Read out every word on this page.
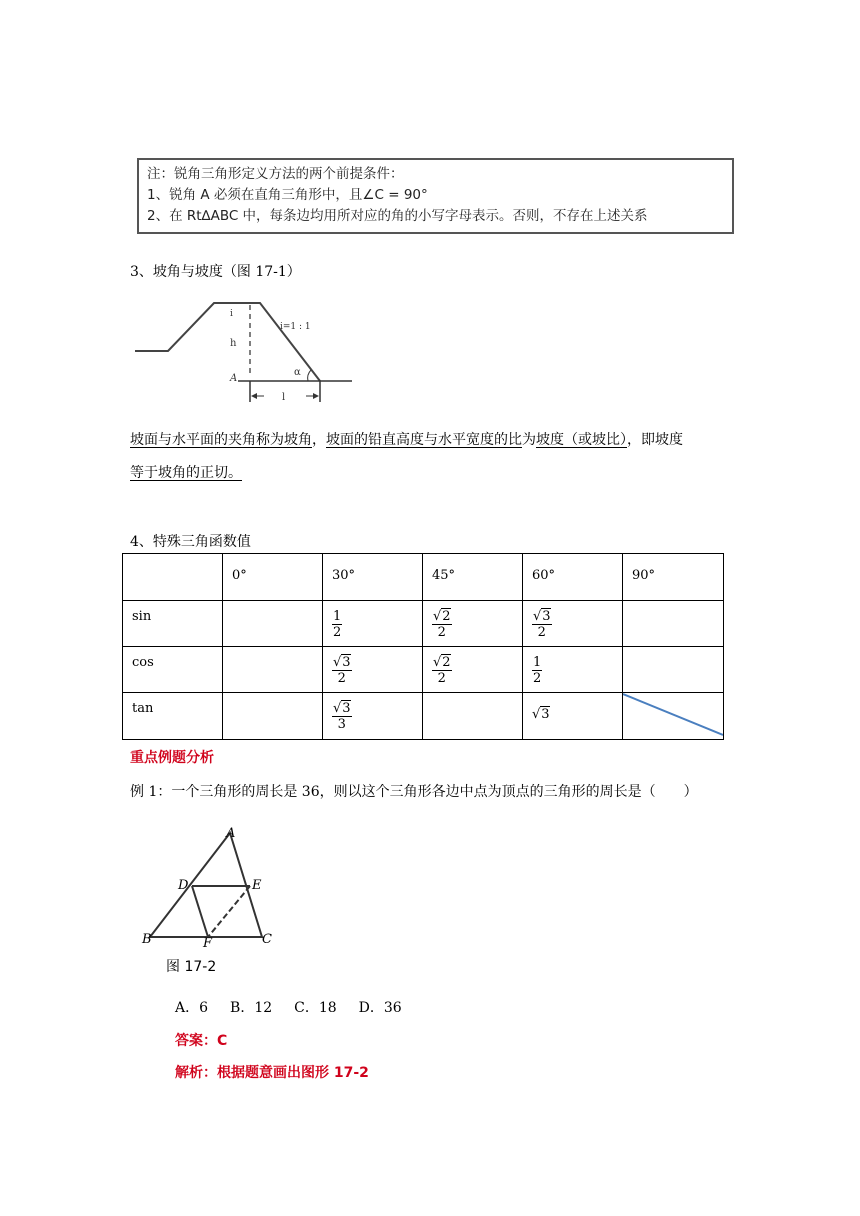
注：锐角三角形定义方法的两个前提条件：
1、锐角 A 必须在直角三角形中，且∠C = 90°
2、在 Rt∆ABC 中，每条边均用所对应的角的小写字母表示。否则，不存在上述关系
3、坡角与坡度（图 17-1）
i
i=1 : 1
h
α
A
l
坡面与水平面的夹角称为坡角，坡面的铅直高度与水平宽度的比为坡度（或坡比），即坡度
等于坡角的正切。
4、特殊三角函数值
	0°	30°	45°	60°	90°
sin		$\frac{1}{2}$	$\frac{√2}{2}$	$\frac{√3}{2}$

cos		$\frac{√3}{2}$	$\frac{√2}{2}$	$\frac{1}{2}$

tan		$\frac{√3}{3}$		√3	
重点例题分析
例 1：一个三角形的周长是 36，则以这个三角形各边中点为顶点的三角形的周长是（　　）
A
D	E
B	F	C
图 17-2
A．6 B．12 C．18 D．36
答案：C
解析：根据题意画出图形 17-2
